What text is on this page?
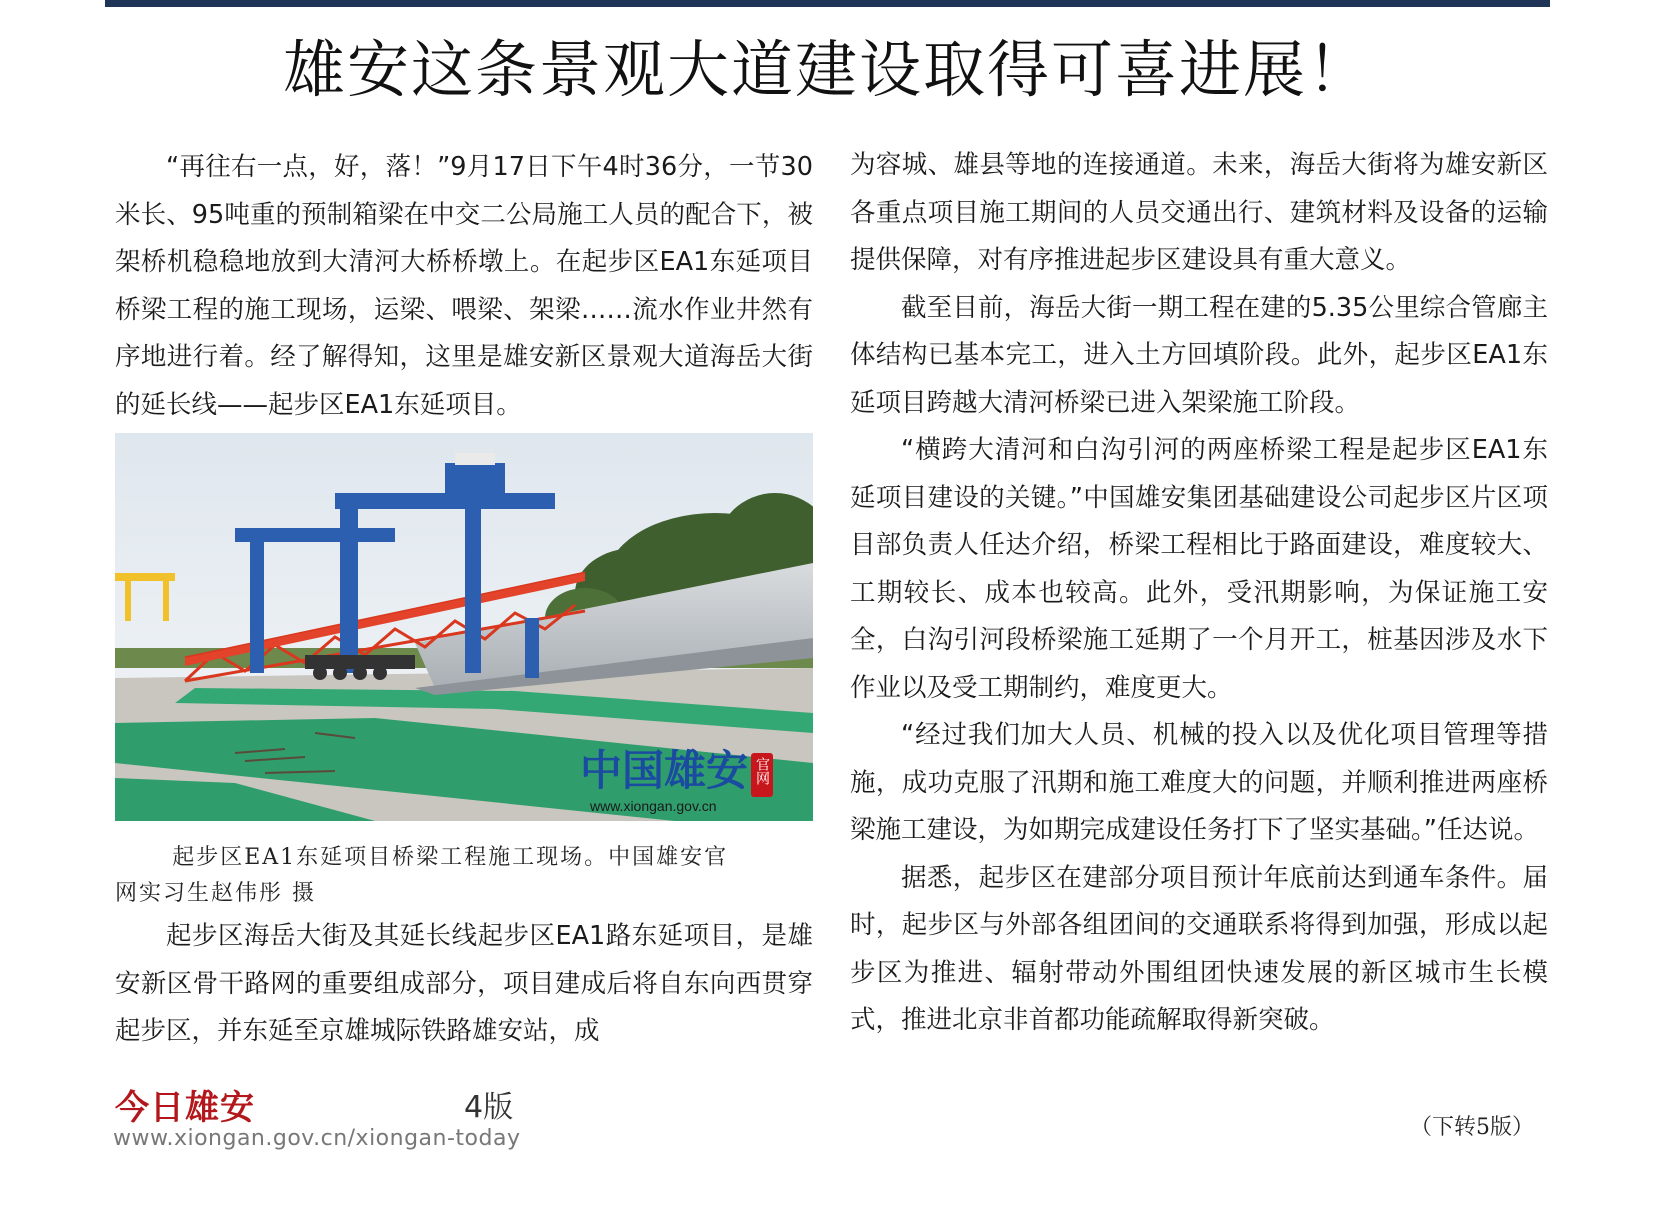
雄安这条景观大道建设取得可喜进展！

“再往右一点，好，落！”9月17日下午4时36分，一节30米长、95吨重的预制箱梁在中交二公局施工人员的配合下，被架桥机稳稳地放到大清河大桥桥墩上。在起步区EA1东延项目桥梁工程的施工现场，运梁、喂梁、架梁……流水作业井然有序地进行着。经了解得知，这里是雄安新区景观大道海岳大街的延长线——起步区EA1东延项目。

中国雄安 官网
www.xiongan.gov.cn
起步区EA1东延项目桥梁工程施工现场。中国雄安官
网实习生赵伟彤 摄

起步区海岳大街及其延长线起步区EA1路东延项目，是雄安新区骨干路网的重要组成部分，项目建成后将自东向西贯穿起步区，并东延至京雄城际铁路雄安站，成

为容城、雄县等地的连接通道。未来，海岳大街将为雄安新区各重点项目施工期间的人员交通出行、建筑材料及设备的运输提供保障，对有序推进起步区建设具有重大意义。

截至目前，海岳大街一期工程在建的5.35公里综合管廊主体结构已基本完工，进入土方回填阶段。此外，起步区EA1东延项目跨越大清河桥梁已进入架梁施工阶段。

“横跨大清河和白沟引河的两座桥梁工程是起步区EA1东延项目建设的关键。”中国雄安集团基础建设公司起步区片区项目部负责人任达介绍，桥梁工程相比于路面建设，难度较大、工期较长、成本也较高。此外，受汛期影响，为保证施工安全，白沟引河段桥梁施工延期了一个月开工，桩基因涉及水下作业以及受工期制约，难度更大。

“经过我们加大人员、机械的投入以及优化项目管理等措施，成功克服了汛期和施工难度大的问题，并顺利推进两座桥梁施工建设，为如期完成建设任务打下了坚实基础。”任达说。

据悉，起步区在建部分项目预计年底前达到通车条件。届时，起步区与外部各组团间的交通联系将得到加强，形成以起步区为推进、辐射带动外围组团快速发展的新区城市生长模式，推进北京非首都功能疏解取得新突破。

今日雄安	4版
www.xiongan.gov.cn/xiongan-today	（下转5版）
